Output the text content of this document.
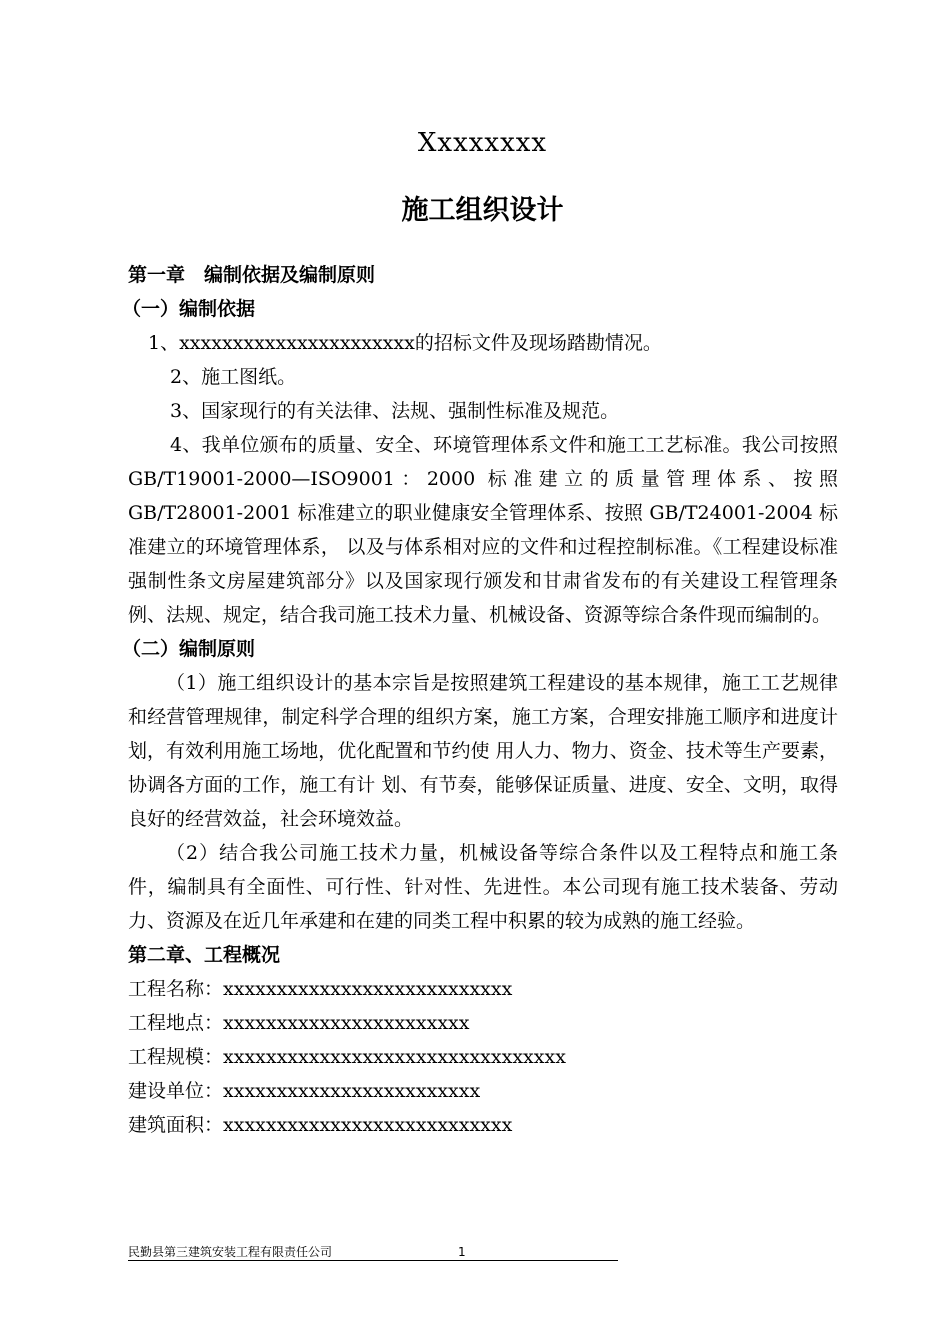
Xxxxxxxx
施工组织设计
第一章　编制依据及编制原则
（一）编制依据
1、xxxxxxxxxxxxxxxxxxxxxx的招标文件及现场踏勘情况。
2、施工图纸。
3、国家现行的有关法律、法规、强制性标准及规范。
4、我单位颁布的质量、安全、环境管理体系文件和施工工艺标准。我公司按照 GB/T19001-2000—ISO9001：2000 标准建立的质量管理体系、按照 GB/T28001-2001 标准建立的职业健康安全管理体系、按照 GB/T24001-2004 标准建立的环境管理体系， 以及与体系相对应的文件和过程控制标准。《工程建设标准强制性条文房屋建筑部分》以及国家现行颁发和甘肃省发布的有关建设工程管理条例、法规、规定，结合我司施工技术力量、机械设备、资源等综合条件现而编制的。
（二）编制原则
（1）施工组织设计的基本宗旨是按照建筑工程建设的基本规律，施工工艺规律和经营管理规律，制定科学合理的组织方案，施工方案，合理安排施工顺序和进度计划，有效利用施工场地，优化配置和节约使 用人力、物力、资金、技术等生产要素，协调各方面的工作，施工有计 划、有节奏，能够保证质量、进度、安全、文明，取得良好的经营效益，社会环境效益。
（2）结合我公司施工技术力量，机械设备等综合条件以及工程特点和施工条件，编制具有全面性、可行性、针对性、先进性。本公司现有施工技术装备、劳动力、资源及在近几年承建和在建的同类工程中积累的较为成熟的施工经验。
第二章、工程概况
工程名称：xxxxxxxxxxxxxxxxxxxxxxxxxxx
工程地点：xxxxxxxxxxxxxxxxxxxxxxx
工程规模：xxxxxxxxxxxxxxxxxxxxxxxxxxxxxxxx
建设单位：xxxxxxxxxxxxxxxxxxxxxxxx
建筑面积：xxxxxxxxxxxxxxxxxxxxxxxxxxx
民勤县第三建筑安装工程有限责任公司	1
